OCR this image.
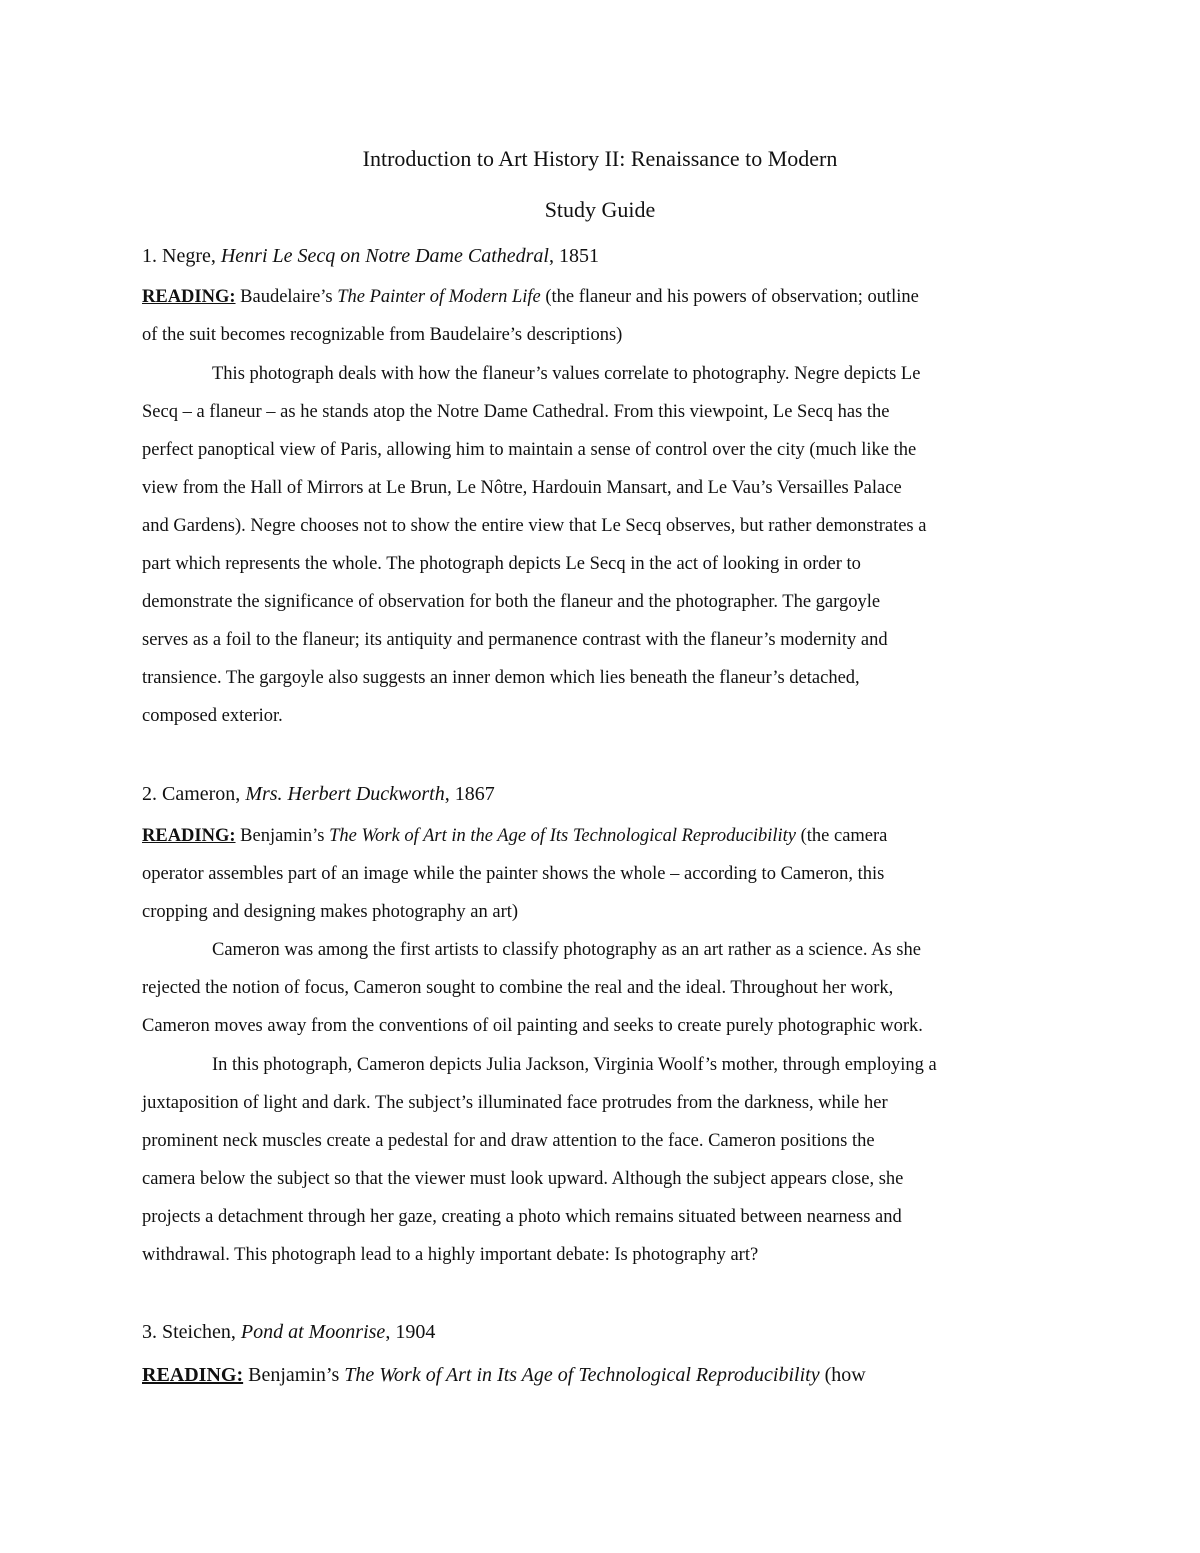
Introduction to Art History II: Renaissance to Modern
Study Guide
1. Negre, Henri Le Secq on Notre Dame Cathedral, 1851
READING: Baudelaire’s The Painter of Modern Life (the flaneur and his powers of observation; outline
of the suit becomes recognizable from Baudelaire’s descriptions)
This photograph deals with how the flaneur’s values correlate to photography. Negre depicts Le
Secq – a flaneur – as he stands atop the Notre Dame Cathedral. From this viewpoint, Le Secq has the
perfect panoptical view of Paris, allowing him to maintain a sense of control over the city (much like the
view from the Hall of Mirrors at Le Brun, Le Nôtre, Hardouin Mansart, and Le Vau’s Versailles Palace
and Gardens). Negre chooses not to show the entire view that Le Secq observes, but rather demonstrates a
part which represents the whole. The photograph depicts Le Secq in the act of looking in order to
demonstrate the significance of observation for both the flaneur and the photographer. The gargoyle
serves as a foil to the flaneur; its antiquity and permanence contrast with the flaneur’s modernity and
transience. The gargoyle also suggests an inner demon which lies beneath the flaneur’s detached,
composed exterior.
2. Cameron, Mrs. Herbert Duckworth, 1867
READING: Benjamin’s The Work of Art in the Age of Its Technological Reproducibility (the camera
operator assembles part of an image while the painter shows the whole – according to Cameron, this
cropping and designing makes photography an art)
Cameron was among the first artists to classify photography as an art rather as a science. As she
rejected the notion of focus, Cameron sought to combine the real and the ideal. Throughout her work,
Cameron moves away from the conventions of oil painting and seeks to create purely photographic work.
In this photograph, Cameron depicts Julia Jackson, Virginia Woolf’s mother, through employing a
juxtaposition of light and dark. The subject’s illuminated face protrudes from the darkness, while her
prominent neck muscles create a pedestal for and draw attention to the face. Cameron positions the
camera below the subject so that the viewer must look upward. Although the subject appears close, she
projects a detachment through her gaze, creating a photo which remains situated between nearness and
withdrawal. This photograph lead to a highly important debate: Is photography art?
3. Steichen, Pond at Moonrise, 1904
READING: Benjamin’s The Work of Art in Its Age of Technological Reproducibility (how
